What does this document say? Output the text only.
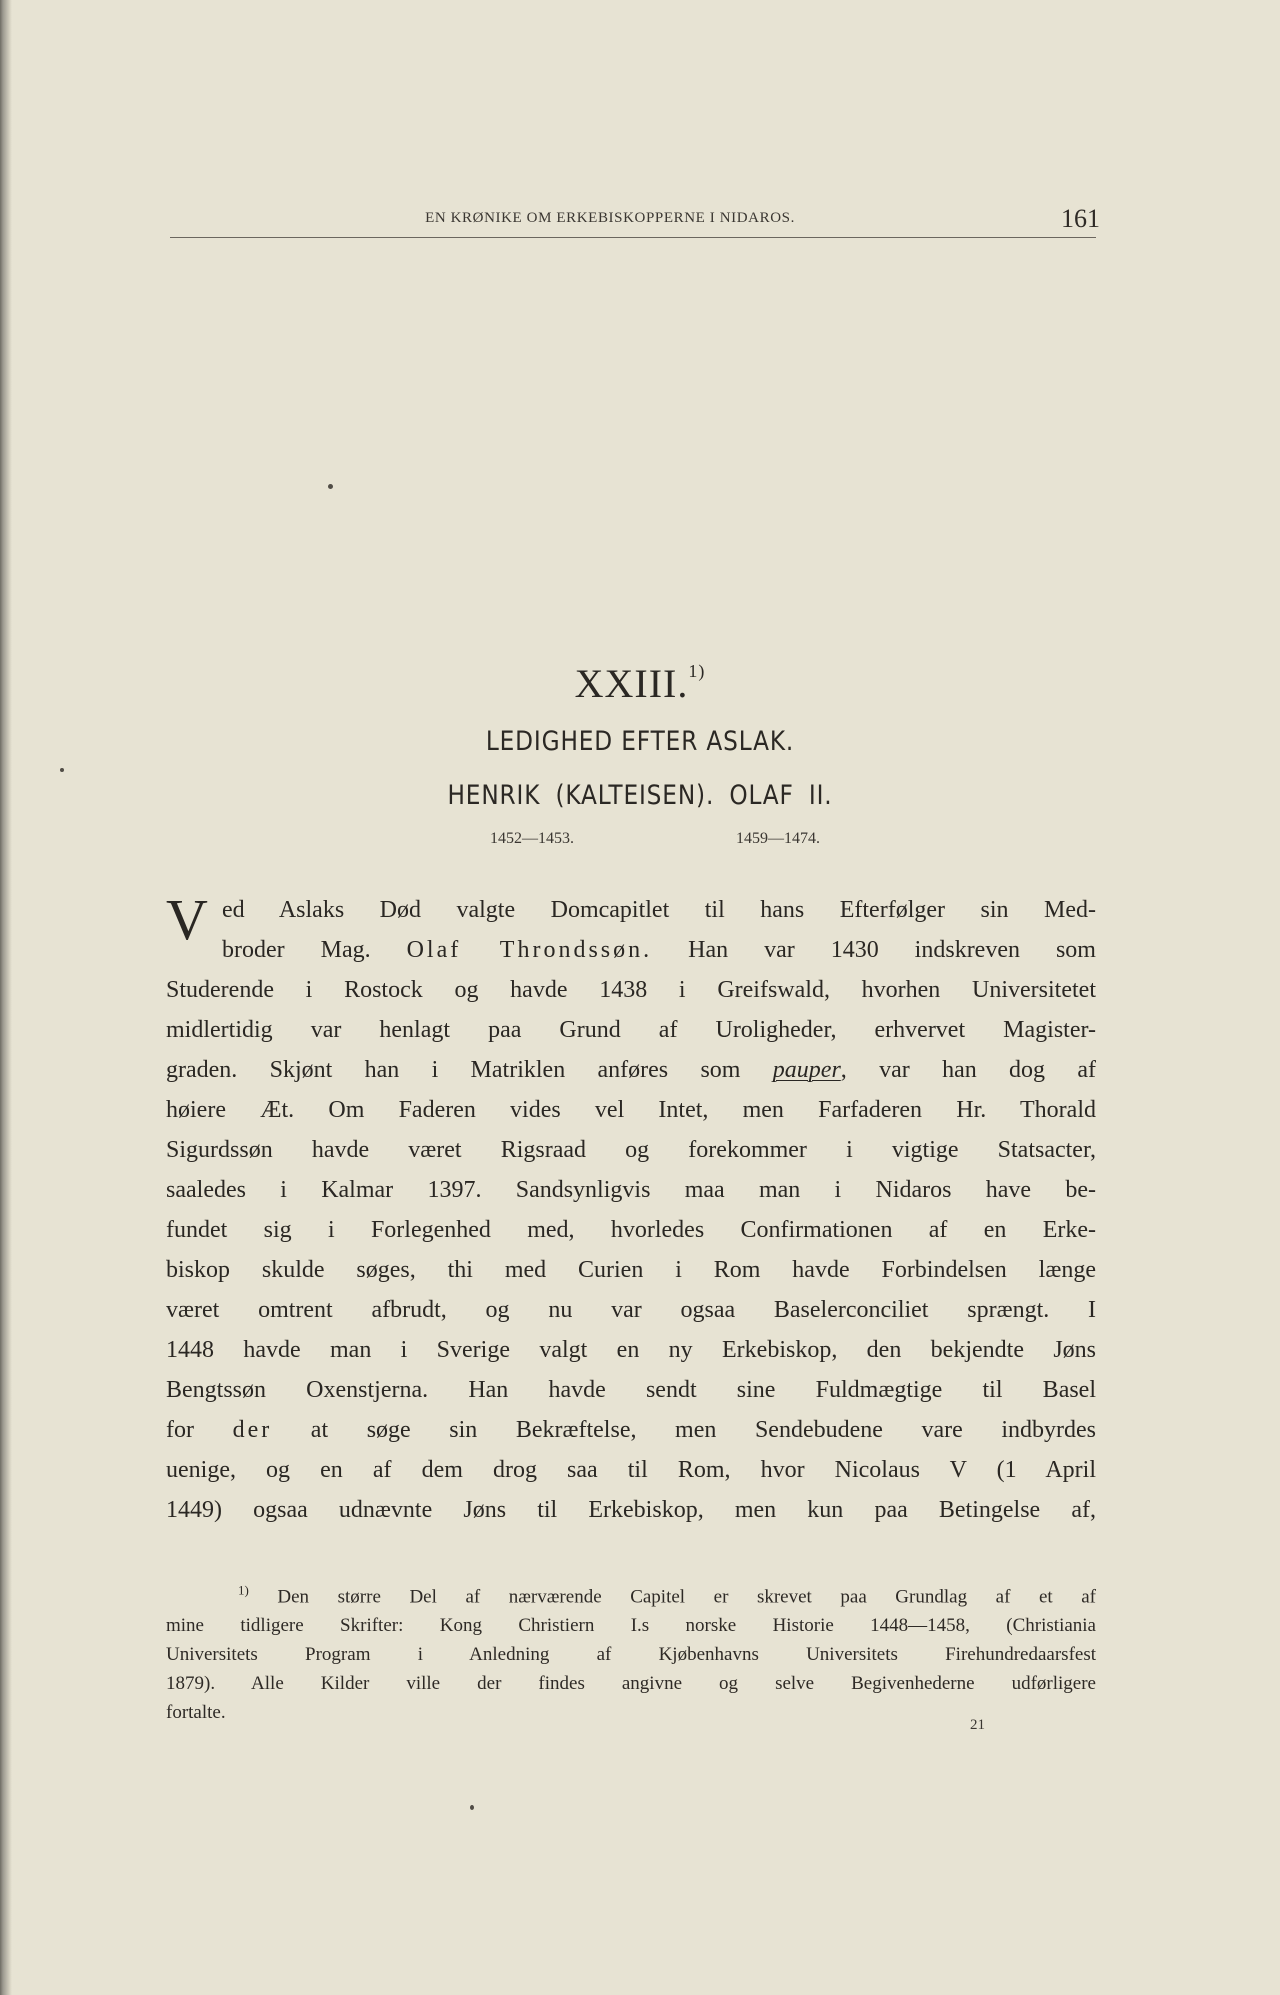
EN KRØNIKE OM ERKEBISKOPPERNE I NIDAROS.	161
XXIII.$^{1)}$
LEDIGHED EFTER ASLAK.
HENRIK (KALTEISEN). OLAF II.
1452—1453.	1459—1474.
V ed Aslaks Død valgte Domcapitlet til hans Efterfølger sin Med-
broder Mag. Olaf Throndssøn. Han var 1430 indskreven som
Studerende i Rostock og havde 1438 i Greifswald, hvorhen Universitetet
midlertidig var henlagt paa Grund af Uroligheder, erhvervet Magister-
graden. Skjønt han i Matriklen anføres som pauper, var han dog af
høiere Æt. Om Faderen vides vel Intet, men Farfaderen Hr. Thorald
Sigurdssøn havde været Rigsraad og forekommer i vigtige Statsacter,
saaledes i Kalmar 1397. Sandsynligvis maa man i Nidaros have be-
fundet sig i Forlegenhed med, hvorledes Confirmationen af en Erke-
biskop skulde søges, thi med Curien i Rom havde Forbindelsen længe
været omtrent afbrudt, og nu var ogsaa Baselerconciliet sprængt. I
1448 havde man i Sverige valgt en ny Erkebiskop, den bekjendte Jøns
Bengtssøn Oxenstjerna. Han havde sendt sine Fuldmægtige til Basel
for der at søge sin Bekræftelse, men Sendebudene vare indbyrdes
uenige, og en af dem drog saa til Rom, hvor Nicolaus V (1 April
1449) ogsaa udnævnte Jøns til Erkebiskop, men kun paa Betingelse af,
$^{1)}$ Den større Del af nærværende Capitel er skrevet paa Grundlag af et af
mine tidligere Skrifter: Kong Christiern I.s norske Historie 1448—1458, (Christiania
Universitets Program i Anledning af Kjøbenhavns Universitets Firehundredaarsfest
1879). Alle Kilder ville der findes angivne og selve Begivenhederne udførligere
fortalte.
21
